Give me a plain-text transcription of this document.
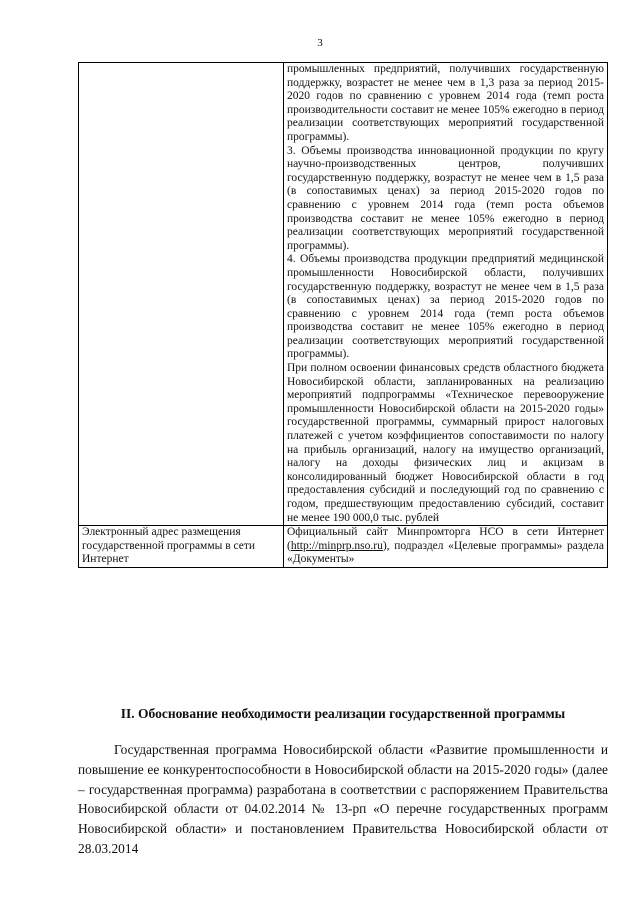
3

	промышленных предприятий, получивших государственную поддержку, возрастет не менее чем в 1,3 раза за период 2015-2020 годов по сравнению с уровнем 2014 года (темп роста производительности составит не менее 105% ежегодно в период реализации соответствующих мероприятий государственной программы).

3. Объемы производства инновационной продукции по кругу научно-производственных центров, получивших государственную поддержку, возрастут не менее чем в 1,5 раза (в сопоставимых ценах) за период 2015-2020 годов по сравнению с уровнем 2014 года (темп роста объемов производства составит не менее 105% ежегодно в период реализации соответствующих мероприятий государственной программы).

4. Объемы производства продукции предприятий медицинской промышленности Новосибирской области, получивших государственную поддержку, возрастут не менее чем в 1,5 раза (в сопоставимых ценах) за период 2015-2020 годов по сравнению с уровнем 2014 года (темп роста объемов производства составит не менее 105% ежегодно в период реализации соответствующих мероприятий государственной программы).

При полном освоении финансовых средств областного бюджета Новосибирской области, запланированных на реализацию мероприятий подпрограммы «Техническое перевооружение промышленности Новосибирской области на 2015-2020 годы» государственной программы, суммарный прирост налоговых платежей с учетом коэффициентов сопоставимости по налогу на прибыль организаций, налогу на имущество организаций, налогу на доходы физических лиц и акцизам в консолидированный бюджет Новосибирской области в год предоставления субсидий и последующий год по сравнению с годом, предшествующим предоставлению субсидий, составит не менее 190 000,0 тыс. рублей

Электронный адрес размещения государственной программы в сети Интернет	Официальный сайт Минпромторга НСО в сети Интернет (http://minprp.nso.ru), подраздел «Целевые программы» раздела «Документы»

II. Обоснование необходимости реализации государственной программы

Государственная программа Новосибирской области «Развитие промышленности и повышение ее конкурентоспособности в Новосибирской области на 2015-2020 годы» (далее – государственная программа) разработана в соответствии с распоряжением Правительства Новосибирской области от 04.02.2014 № 13-рп «О перечне государственных программ Новосибирской области» и постановлением Правительства Новосибирской области от 28.03.2014
